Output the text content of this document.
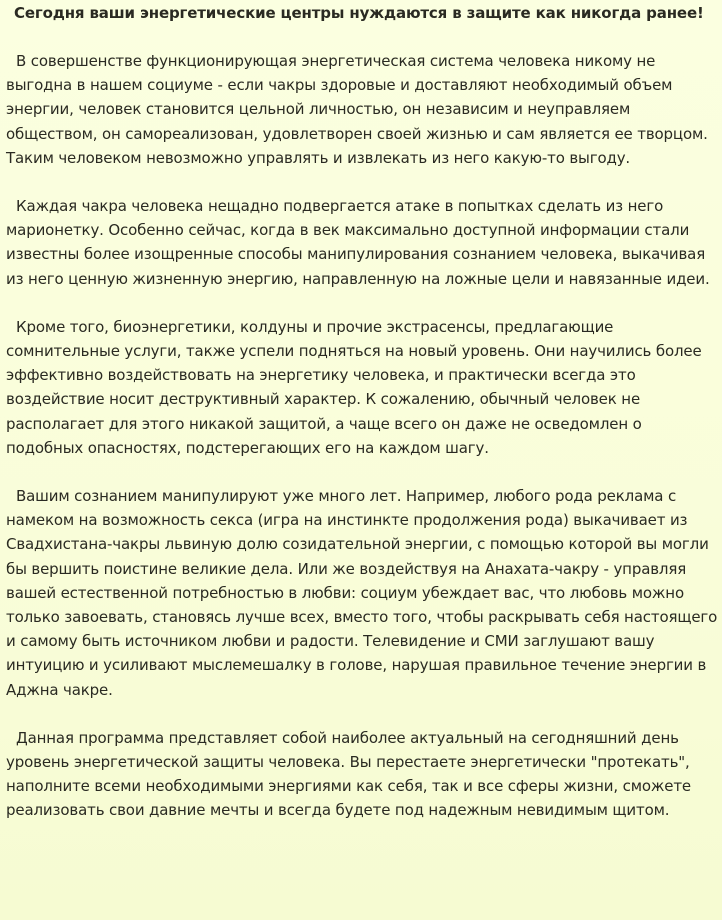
Сегодня ваши энергетические центры нуждаются в защите как никогда ранее!

В совершенстве функционирующая энергетическая система человека никому не выгодна в нашем социуме - если чакры здоровые и доставляют необходимый объем энергии, человек становится цельной личностью, он независим и неуправляем обществом, он самореализован, удовлетворен своей жизнью и сам является ее творцом. Таким человеком невозможно управлять и извлекать из него какую-то выгоду.

Каждая чакра человека нещадно подвергается атаке в попытках сделать из него марионетку. Особенно сейчас, когда в век максимально доступной информации стали известны более изощренные способы манипулирования сознанием человека, выкачивая из него ценную жизненную энергию, направленную на ложные цели и навязанные идеи.

Кроме того, биоэнергетики, колдуны и прочие экстрасенсы, предлагающие сомнительные услуги, также успели подняться на новый уровень. Они научились более эффективно воздействовать на энергетику человека, и практически всегда это воздействие носит деструктивный характер. К сожалению, обычный человек не располагает для этого никакой защитой, а чаще всего он даже не осведомлен о подобных опасностях, подстерегающих его на каждом шагу.

Вашим сознанием манипулируют уже много лет. Например, любого рода реклама с намеком на возможность секса (игра на инстинкте продолжения рода) выкачивает из Свадхистана-чакры львиную долю созидательной энергии, с помощью которой вы могли бы вершить поистине великие дела. Или же воздействуя на Анахата-чакру - управляя вашей естественной потребностью в любви: социум убеждает вас, что любовь можно только завоевать, становясь лучше всех, вместо того, чтобы раскрывать себя настоящего и самому быть источником любви и радости. Телевидение и СМИ заглушают вашу интуицию и усиливают мыслемешалку в голове, нарушая правильное течение энергии в Аджна чакре.

Данная программа представляет собой наиболее актуальный на сегодняшний день уровень энергетической защиты человека. Вы перестаете энергетически "протекать", наполните всеми необходимыми энергиями как себя, так и все сферы жизни, сможете реализовать свои давние мечты и всегда будете под надежным невидимым щитом.
